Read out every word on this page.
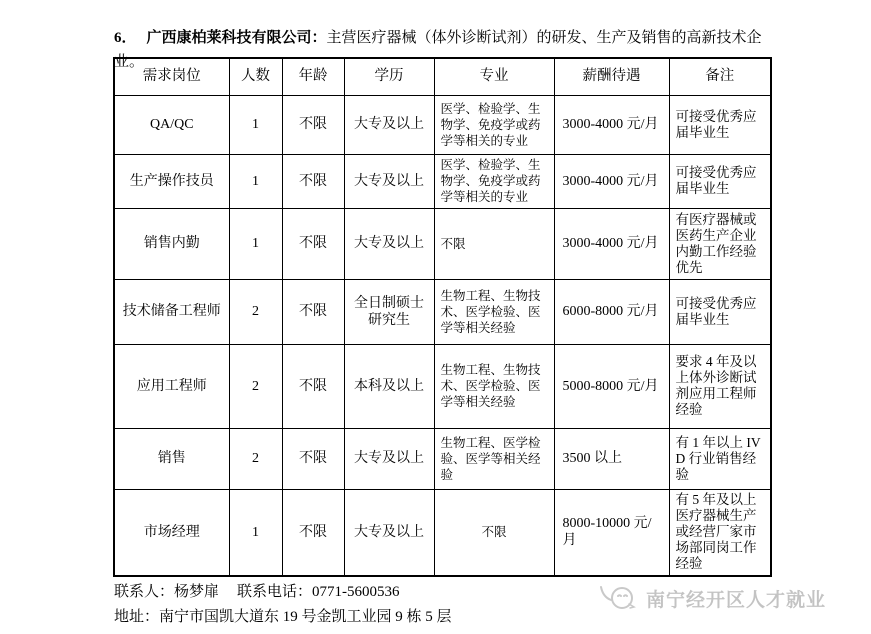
6． 广西康柏莱科技有限公司：主营医疗器械（体外诊断试剂）的研发、生产及销售的高新技术企业。

需求岗位	人数	年龄	学历	专业	薪酬待遇	备注
QA/QC	1	不限	大专及以上	医学、检验学、生物学、免疫学或药学等相关的专业	3000-4000 元/月	可接受优秀应届毕业生
生产操作技员	1	不限	大专及以上	医学、检验学、生物学、免疫学或药学等相关的专业	3000-4000 元/月	可接受优秀应届毕业生
销售内勤	1	不限	大专及以上	不限	3000-4000 元/月	有医疗器械或医药生产企业内勤工作经验优先
技术储备工程师	2	不限	全日制硕士研究生	生物工程、生物技术、医学检验、医学等相关经验	6000-8000 元/月	可接受优秀应届毕业生
应用工程师	2	不限	本科及以上	生物工程、生物技术、医学检验、医学等相关经验	5000-8000 元/月	要求 4 年及以上体外诊断试剂应用工程师经验
销售	2	不限	大专及以上	生物工程、医学检验、医学等相关经验	3500 以上	有 1 年以上 IVD 行业销售经验
市场经理	1	不限	大专及以上	不限	8000-10000 元/月	有 5 年及以上医疗器械生产或经营厂家市场部同岗工作经验
联系人：杨梦扉 联系电话：0771-5600536
地址：南宁市国凯大道东 19 号金凯工业园 9 栋 5 层
南宁经开区人才就业
